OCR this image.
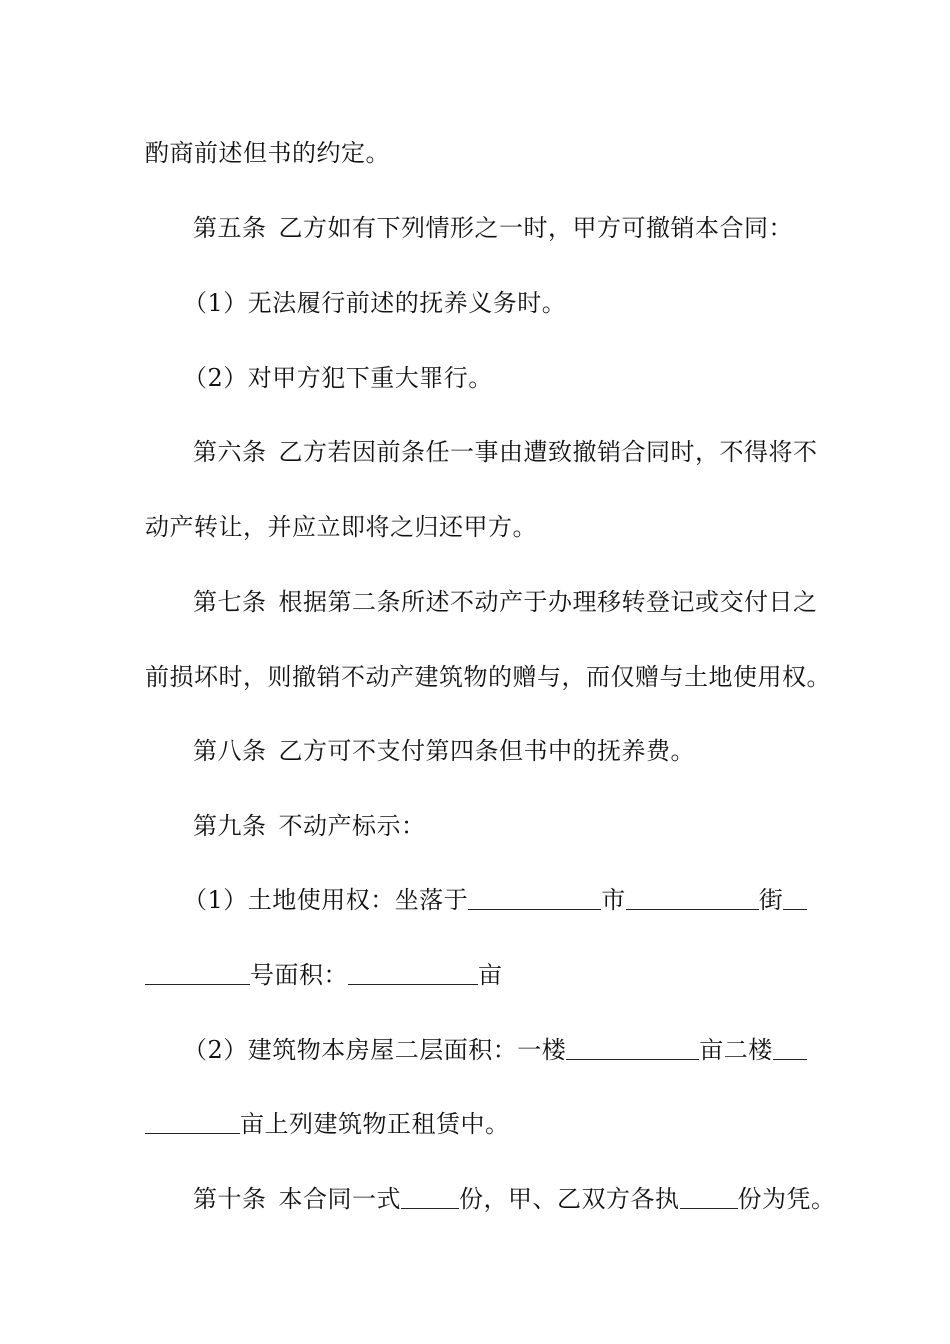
酌商前述但书的约定。
第五条 乙方如有下列情形之一时，甲方可撤销本合同：
（1）无法履行前述的抚养义务时。
（2）对甲方犯下重大罪行。
第六条 乙方若因前条任一事由遭致撤销合同时，不得将不
动产转让，并应立即将之归还甲方。
第七条 根据第二条所述不动产于办理移转登记或交付日之
前损坏时，则撤销不动产建筑物的赠与，而仅赠与土地使用权。
第八条 乙方可不支付第四条但书中的抚养费。
第九条 不动产标示：
（1）土地使用权：坐落于	市	街
号面积：	亩
（2）建筑物本房屋二层面积：一楼	亩二楼
亩上列建筑物正租赁中。
第十条 本合同一式 份，甲、乙双方各执 份为凭。
